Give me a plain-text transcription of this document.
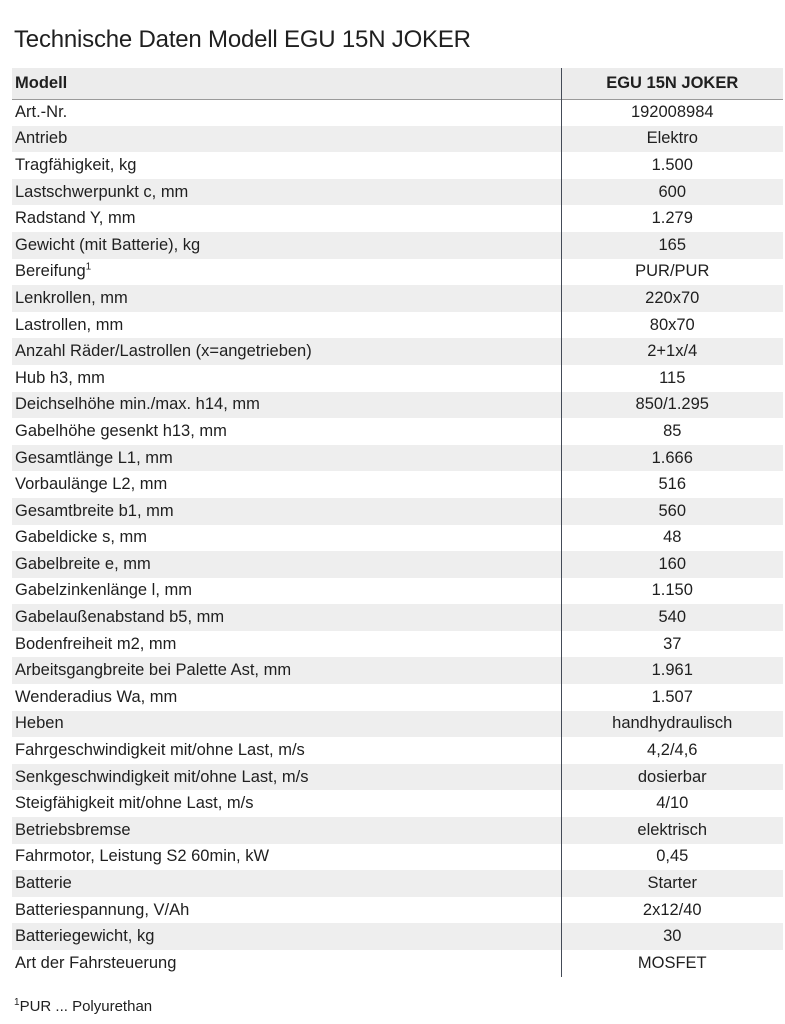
Technische Daten Modell EGU 15N JOKER
Modell	EGU 15N JOKER
Art.-Nr.	192008984
Antrieb	Elektro
Tragfähigkeit, kg	1.500
Lastschwerpunkt c, mm	600
Radstand Y, mm	1.279
Gewicht (mit Batterie), kg	165
Bereifung$^1$	PUR/PUR
Lenkrollen, mm	220x70
Lastrollen, mm	80x70
Anzahl Räder/Lastrollen (x=angetrieben)	2+1x/4
Hub h3, mm	115
Deichselhöhe min./max. h14, mm	850/1.295
Gabelhöhe gesenkt h13, mm	85
Gesamtlänge L1, mm	1.666
Vorbaulänge L2, mm	516
Gesamtbreite b1, mm	560
Gabeldicke s, mm	48
Gabelbreite e, mm	160
Gabelzinkenlänge l, mm	1.150
Gabelaußenabstand b5, mm	540
Bodenfreiheit m2, mm	37
Arbeitsgangbreite bei Palette Ast, mm	1.961
Wenderadius Wa, mm	1.507
Heben	handhydraulisch
Fahrgeschwindigkeit mit/ohne Last, m/s	4,2/4,6
Senkgeschwindigkeit mit/ohne Last, m/s	dosierbar
Steigfähigkeit mit/ohne Last, m/s	4/10
Betriebsbremse	elektrisch
Fahrmotor, Leistung S2 60min, kW	0,45
Batterie	Starter
Batteriespannung, V/Ah	2x12/40
Batteriegewicht, kg	30
Art der Fahrsteuerung	MOSFET
$^1$PUR ... Polyurethan
